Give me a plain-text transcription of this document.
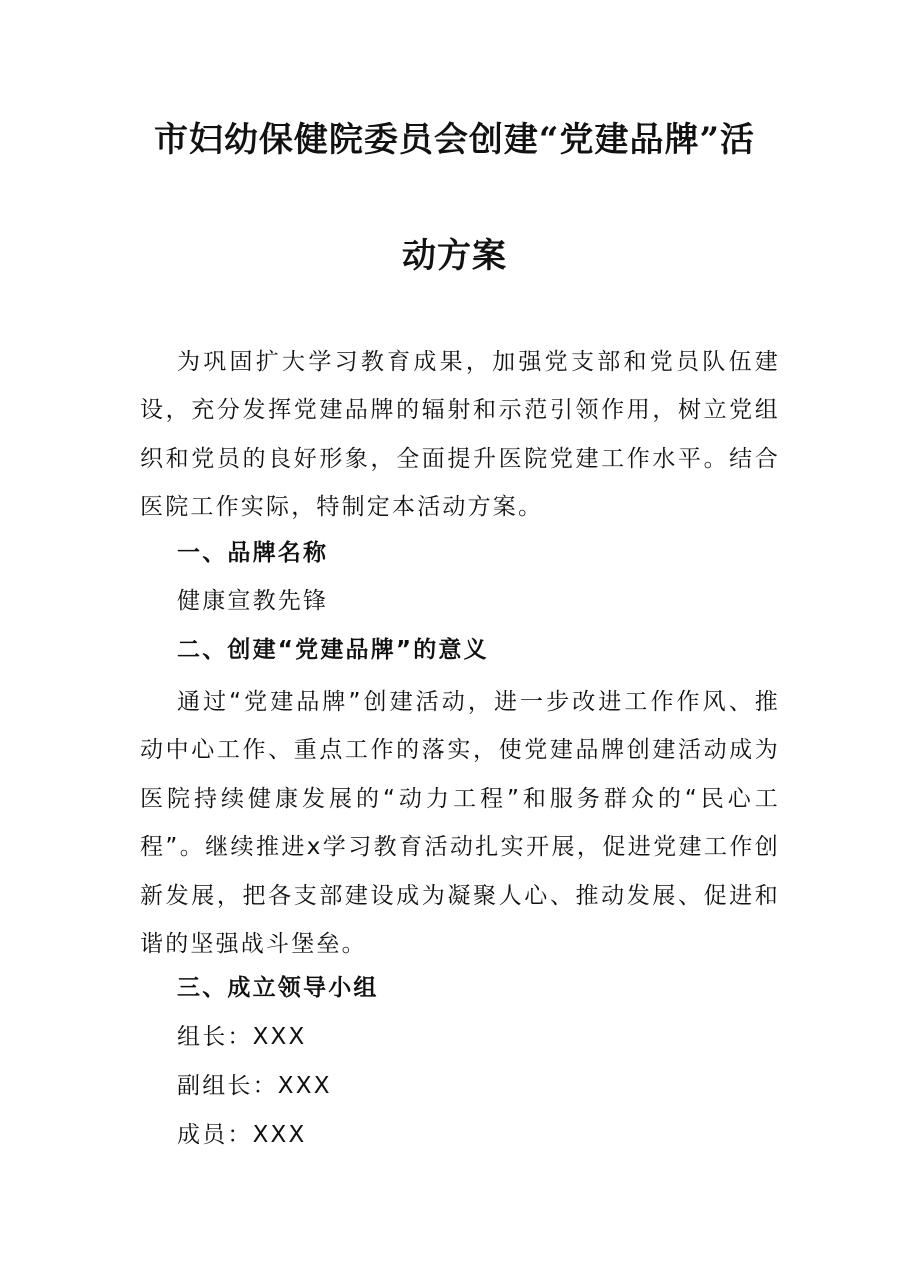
市妇幼保健院委员会创建“党建品牌”活
动方案

为巩固扩大学习教育成果，加强党支部和党员队伍建设，充分发挥党建品牌的辐射和示范引领作用，树立党组织和党员的良好形象，全面提升医院党建工作水平。结合医院工作实际，特制定本活动方案。

一、品牌名称

健康宣教先锋

二、创建“党建品牌”的意义

通过“党建品牌”创建活动，进一步改进工作作风、推动中心工作、重点工作的落实，使党建品牌创建活动成为医院持续健康发展的“动力工程”和服务群众的“民心工程”。继续推进x学习教育活动扎实开展，促进党建工作创新发展，把各支部建设成为凝聚人心、推动发展、促进和谐的坚强战斗堡垒。

三、成立领导小组

组长：XXX

副组长：XXX

成员：XXX
